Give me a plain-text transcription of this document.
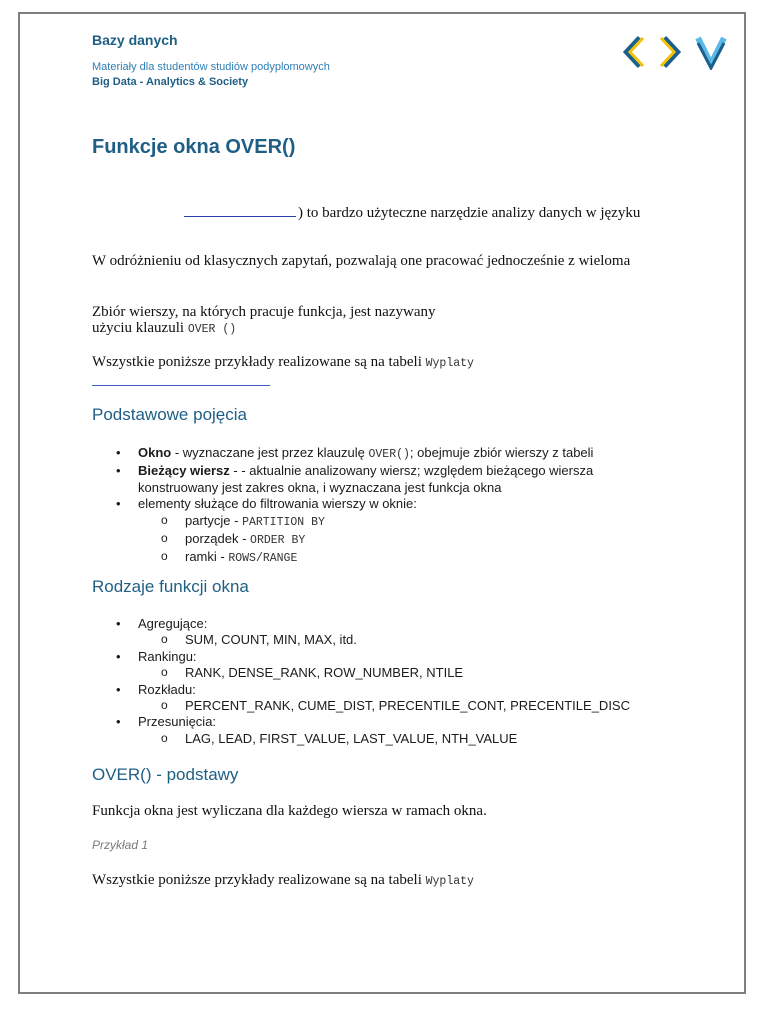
Bazy danych
Materiały dla studentów studiów podyplomowych
Big Data - Analytics & Society
Funkcje okna OVER()
) to bardzo użyteczne narzędzie analizy danych w języku
W odróżnieniu od klasycznych zapytań, pozwalają one pracować jednocześnie z wieloma
Zbiór wierszy, na których pracuje funkcja, jest nazywany
użyciu klauzuli OVER ()
Wszystkie poniższe przykłady realizowane są na tabeli Wyplaty
Podstawowe pojęcia
• Okno - wyznaczane jest przez klauzulę OVER(); obejmuje zbiór wierszy z tabeli
• Bieżący wiersz - - aktualnie analizowany wiersz; względem bieżącego wiersza
konstruowany jest zakres okna, i wyznaczana jest funkcja okna
• elementy służące do filtrowania wierszy w oknie:
o partycje - PARTITION BY
o porządek - ORDER BY
o ramki - ROWS/RANGE
Rodzaje funkcji okna
• Agregujące:
o SUM, COUNT, MIN, MAX, itd.
• Rankingu:
o RANK, DENSE_RANK, ROW_NUMBER, NTILE
• Rozkładu:
o PERCENT_RANK, CUME_DIST, PRECENTILE_CONT, PRECENTILE_DISC
• Przesunięcia:
o LAG, LEAD, FIRST_VALUE, LAST_VALUE, NTH_VALUE
OVER() - podstawy
Funkcja okna jest wyliczana dla każdego wiersza w ramach okna.
Przykład 1
Wszystkie poniższe przykłady realizowane są na tabeli Wyplaty
